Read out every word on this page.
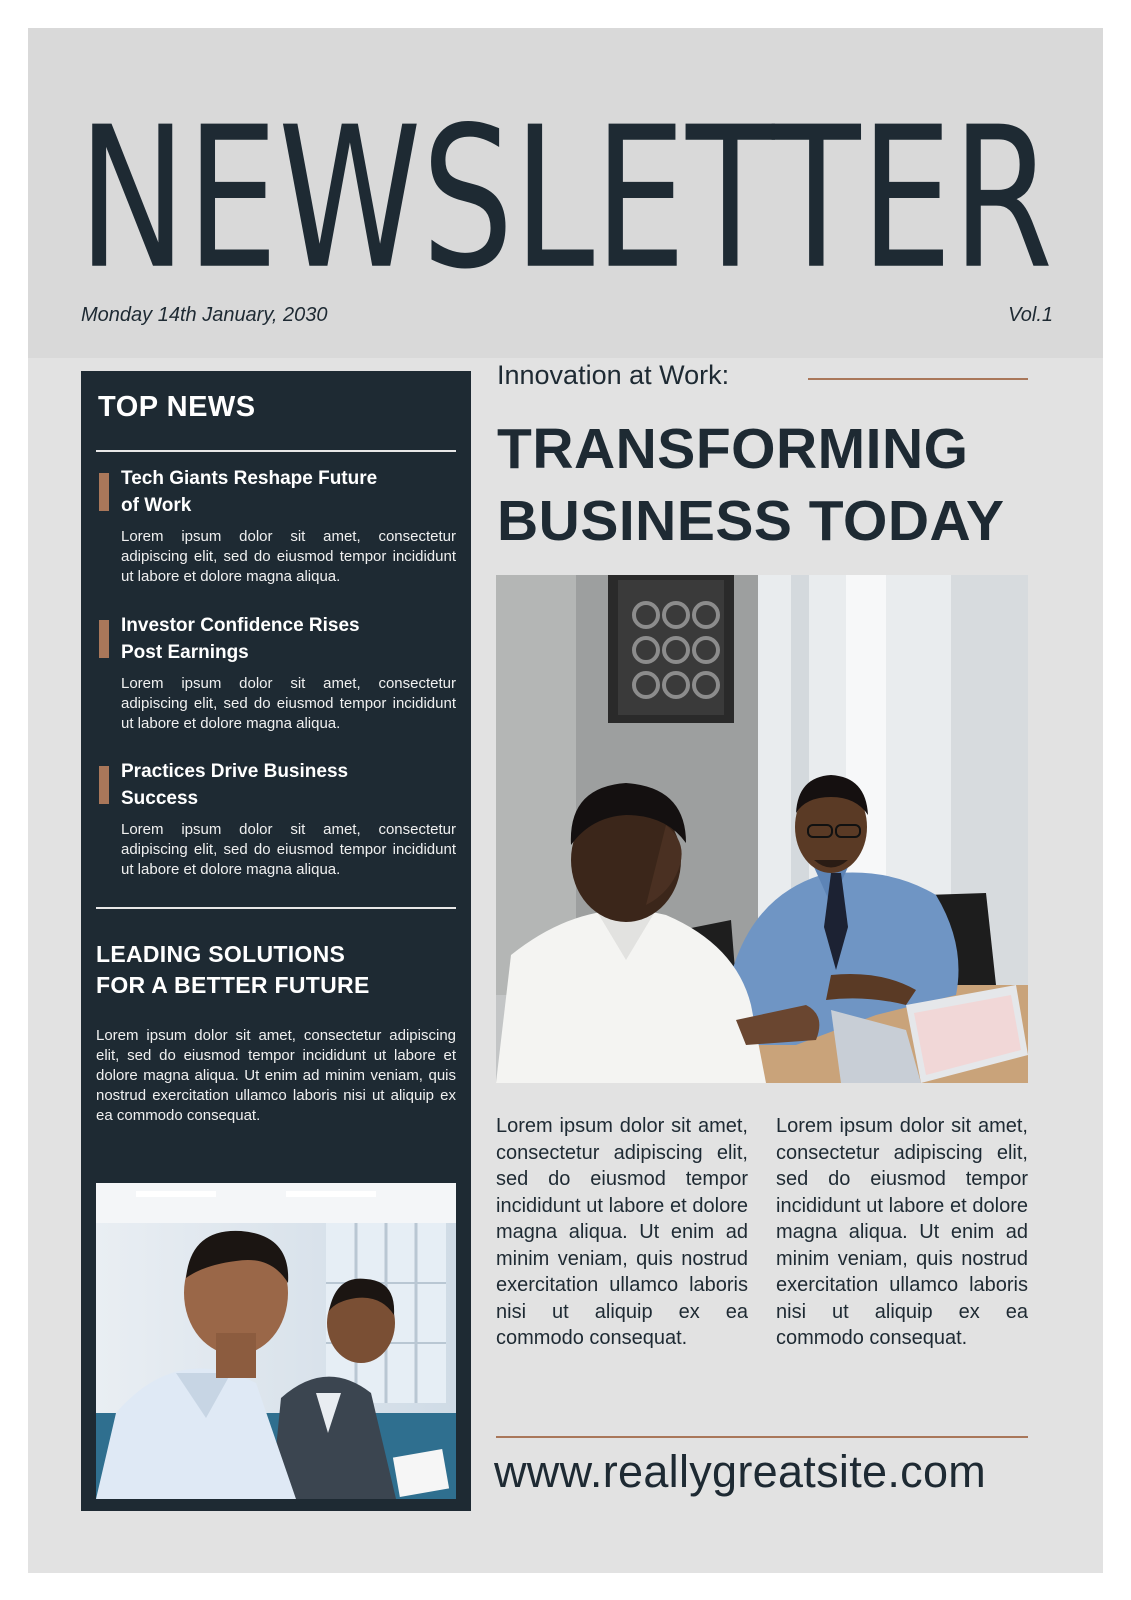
NEWSLETTER
Monday 14th January, 2030	Vol.1
TOP NEWS
Tech Giants Reshape Future
of Work
Lorem ipsum dolor sit amet, consectetur adipiscing elit, sed do eiusmod tempor incididunt ut labore et dolore magna aliqua.
Investor Confidence Rises
Post Earnings
Lorem ipsum dolor sit amet, consectetur adipiscing elit, sed do eiusmod tempor incididunt ut labore et dolore magna aliqua.
Practices Drive Business
Success
Lorem ipsum dolor sit amet, consectetur adipiscing elit, sed do eiusmod tempor incididunt ut labore et dolore magna aliqua.
LEADING SOLUTIONS
FOR A BETTER FUTURE
Lorem ipsum dolor sit amet, consectetur adipiscing elit, sed do eiusmod tempor incididunt ut labore et dolore magna aliqua. Ut enim ad minim veniam, quis nostrud exercitation ullamco laboris nisi ut aliquip ex ea commodo consequat.
Innovation at Work:
TRANSFORMING
BUSINESS TODAY
Lorem ipsum dolor sit amet, consectetur adipiscing elit, sed do eiusmod tempor incididunt ut labore et dolore magna aliqua. Ut enim ad minim veniam, quis nostrud exercitation ullamco laboris nisi ut aliquip ex ea commodo consequat.
Lorem ipsum dolor sit amet, consectetur adipiscing elit, sed do eiusmod tempor incididunt ut labore et dolore magna aliqua. Ut enim ad minim veniam, quis nostrud exercitation ullamco laboris nisi ut aliquip ex ea commodo consequat.
www.reallygreatsite.com
